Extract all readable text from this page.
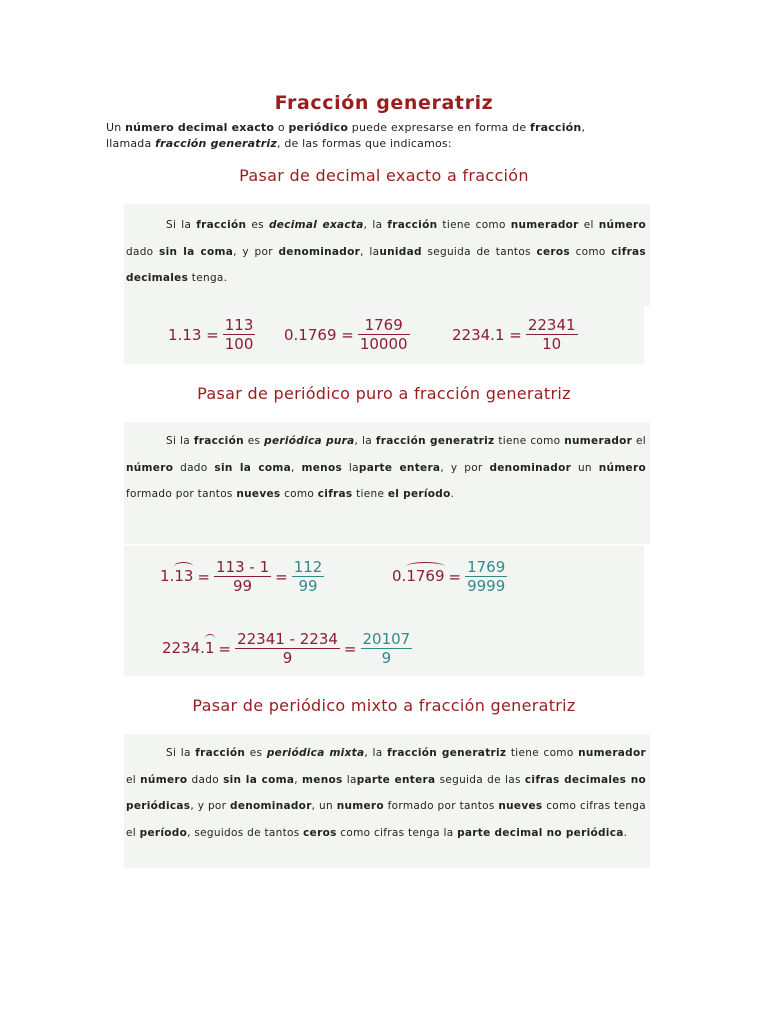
Fracción generatriz
Un número decimal exacto o periódico puede expresarse en forma de fracción,
llamada fracción generatriz, de las formas que indicamos:
Pasar de decimal exacto a fracción

Si la fracción es decimal exacta, la fracción tiene como numerador el número dado sin la coma, y por denominador, launidad seguida de tantos ceros como cifras decimales tenga.

$1.13 = \frac{113}{100} 0.1769 = \frac{1769}{10000}$	$2234.1 = \frac{22341}{10}$
Pasar de periódico puro a fracción generatriz

Si la fracción es periódica pura, la fracción generatriz tiene como numerador el número dado sin la coma, menos laparte entera, y por denominador un número formado por tantos nueves como cifras tiene el período.

$1.13 = \frac{113 - 1}{99} = \frac{112}{99}$	$0.1769 = \frac{1769}{9999}$
$2234.1 = \frac{22341 - 2234}{9} = \frac{20107}{9}$
Pasar de periódico mixto a fracción generatriz

Si la fracción es periódica mixta, la fracción generatriz tiene como numerador el número dado sin la coma, menos laparte entera seguida de las cifras decimales no periódicas, y por denominador, un numero formado por tantos nueves como cifras tenga el período, seguidos de tantos ceros como cifras tenga la parte decimal no periódica.
